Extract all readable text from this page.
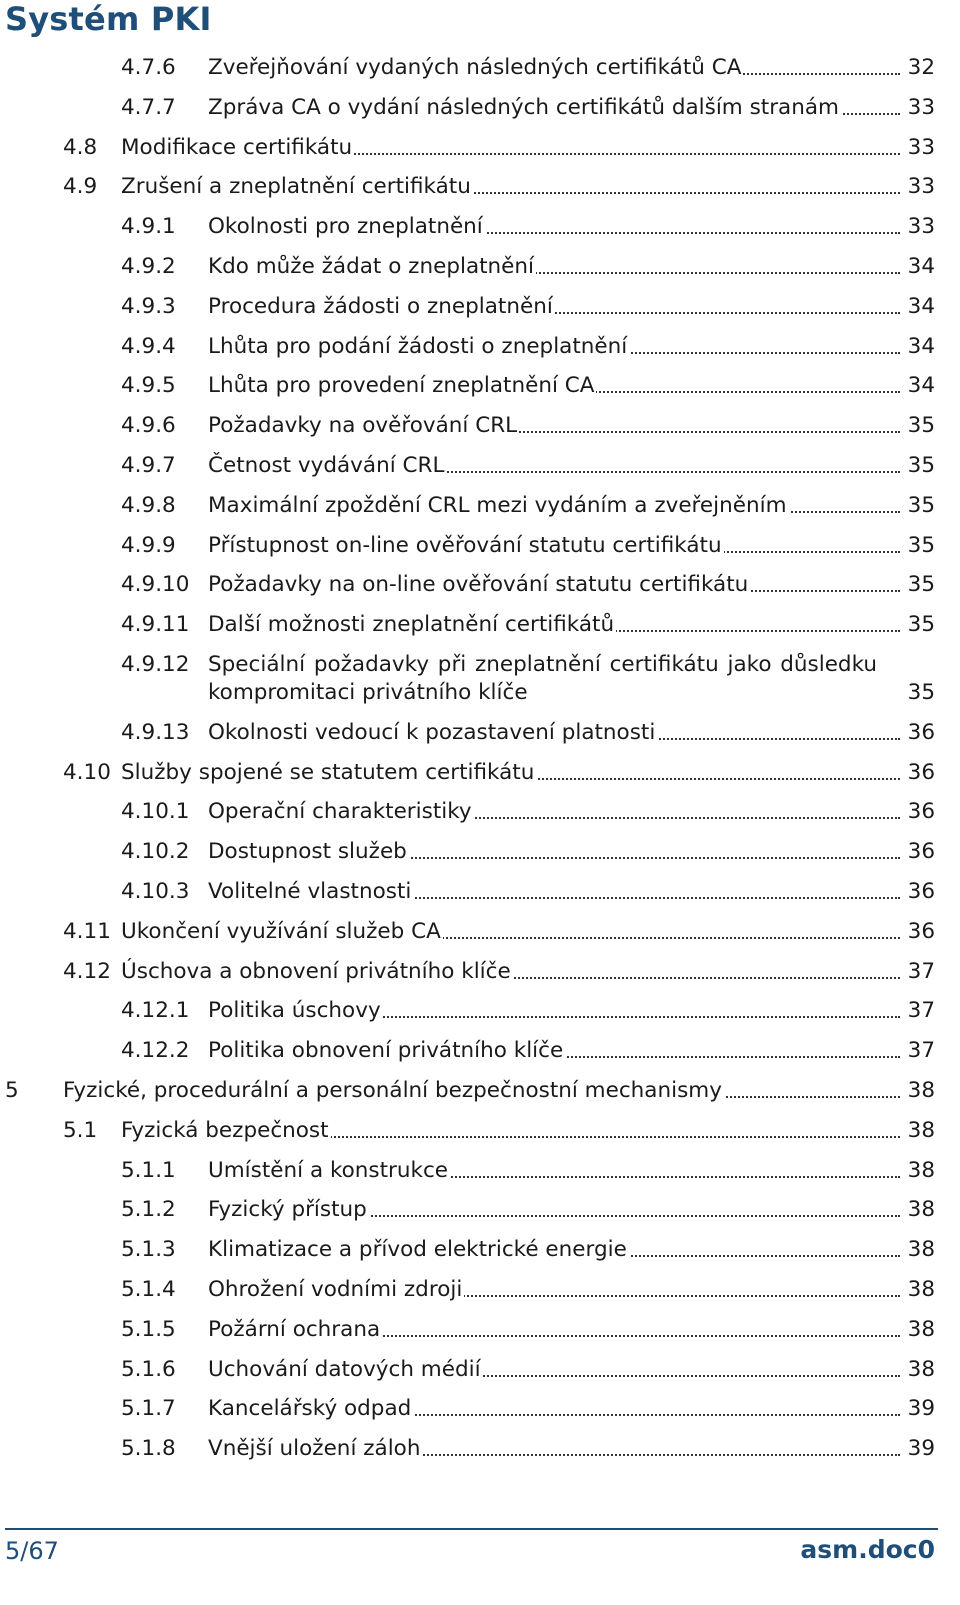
Systém PKI
4.7.6 Zveřejňování vydaných následných certifikátů CA	32
4.7.7 Zpráva CA o vydání následných certifikátů dalším stranám	33
4.8 Modifikace certifikátu	33
4.9 Zrušení a zneplatnění certifikátu	33
4.9.1 Okolnosti pro zneplatnění	33
4.9.2 Kdo může žádat o zneplatnění	34
4.9.3 Procedura žádosti o zneplatnění	34
4.9.4 Lhůta pro podání žádosti o zneplatnění	34
4.9.5 Lhůta pro provedení zneplatnění CA	34
4.9.6 Požadavky na ověřování CRL	35
4.9.7 Četnost vydávání CRL	35
4.9.8 Maximální zpoždění CRL mezi vydáním a zveřejněním	35
4.9.9 Přístupnost on-line ověřování statutu certifikátu	35
4.9.10 Požadavky na on-line ověřování statutu certifikátu	35
4.9.11 Další možnosti zneplatnění certifikátů	35
4.9.12 Speciální požadavky při zneplatnění certifikátu jako důsledku kompromitaci privátního klíče	35
4.9.13 Okolnosti vedoucí k pozastavení platnosti	36
4.10 Služby spojené se statutem certifikátu	36
4.10.1 Operační charakteristiky	36
4.10.2 Dostupnost služeb	36
4.10.3 Volitelné vlastnosti	36
4.11 Ukončení využívání služeb CA	36
4.12 Úschova a obnovení privátního klíče	37
4.12.1 Politika úschovy	37
4.12.2 Politika obnovení privátního klíče	37
5 Fyzické, procedurální a personální bezpečnostní mechanismy	38
5.1 Fyzická bezpečnost	38
5.1.1 Umístění a konstrukce	38
5.1.2 Fyzický přístup	38
5.1.3 Klimatizace a přívod elektrické energie	38
5.1.4 Ohrožení vodními zdroji	38
5.1.5 Požární ochrana	38
5.1.6 Uchování datových médií	38
5.1.7 Kancelářský odpad	39
5.1.8 Vnější uložení záloh	39
5/67	asm.doc0
